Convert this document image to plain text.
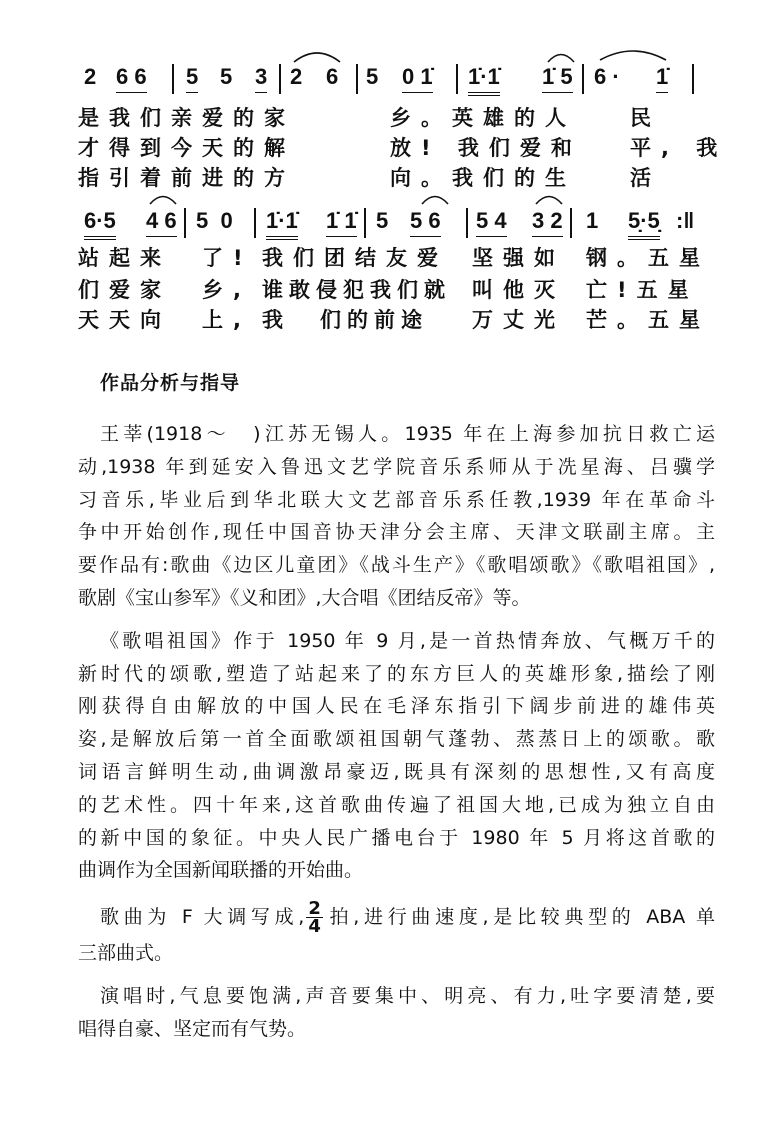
2 6 6 5 5 3 2 6 5 0 1̇ 1̇·1̇ 1̇ 5 6 · 1̇
是我们亲爱的家	乡。英雄的人	民
才得到今天的解	放! 我们爱和 平, 我
指引着前进的方	向。我们的生	活
6·5 4 6 5  0 1̇·1̇ 1̇ 1̇ 5 5 6 5 4 3 2 1 5̣·5̣ :‖
站起来　了! 我们团结友爱 坚强如 钢。五星
们爱家　乡, 谁敢侵犯我们就 叫他灭 亡!五星
天天向　上, 我 们的前途 万丈光 芒。五星
作品分析与指导
王莘(1918～　)江苏无锡人。1935 年在上海参加抗日救亡运
动,1938 年到延安入鲁迅文艺学院音乐系师从于冼星海、吕骥学
习音乐,毕业后到华北联大文艺部音乐系任教,1939 年在革命斗
争中开始创作,现任中国音协天津分会主席、天津文联副主席。主
要作品有:歌曲《边区儿童团》《战斗生产》《歌唱颂歌》《歌唱祖国》,
歌剧《宝山参军》《义和团》,大合唱《团结反帝》等。
《歌唱祖国》作于 1950 年 9 月,是一首热情奔放、气概万千的
新时代的颂歌,塑造了站起来了的东方巨人的英雄形象,描绘了刚
刚获得自由解放的中国人民在毛泽东指引下阔步前进的雄伟英
姿,是解放后第一首全面歌颂祖国朝气蓬勃、蒸蒸日上的颂歌。歌
词语言鲜明生动,曲调激昂豪迈,既具有深刻的思想性,又有高度
的艺术性。四十年来,这首歌曲传遍了祖国大地,已成为独立自由
的新中国的象征。中央人民广播电台于 1980 年 5 月将这首歌的
曲调作为全国新闻联播的开始曲。
歌曲为 F 大调写成, $\frac{2}{4}$ 拍,进行曲速度,是比较典型的 ABA 单
三部曲式。
演唱时,气息要饱满,声音要集中、明亮、有力,吐字要清楚,要
唱得自豪、坚定而有气势。
